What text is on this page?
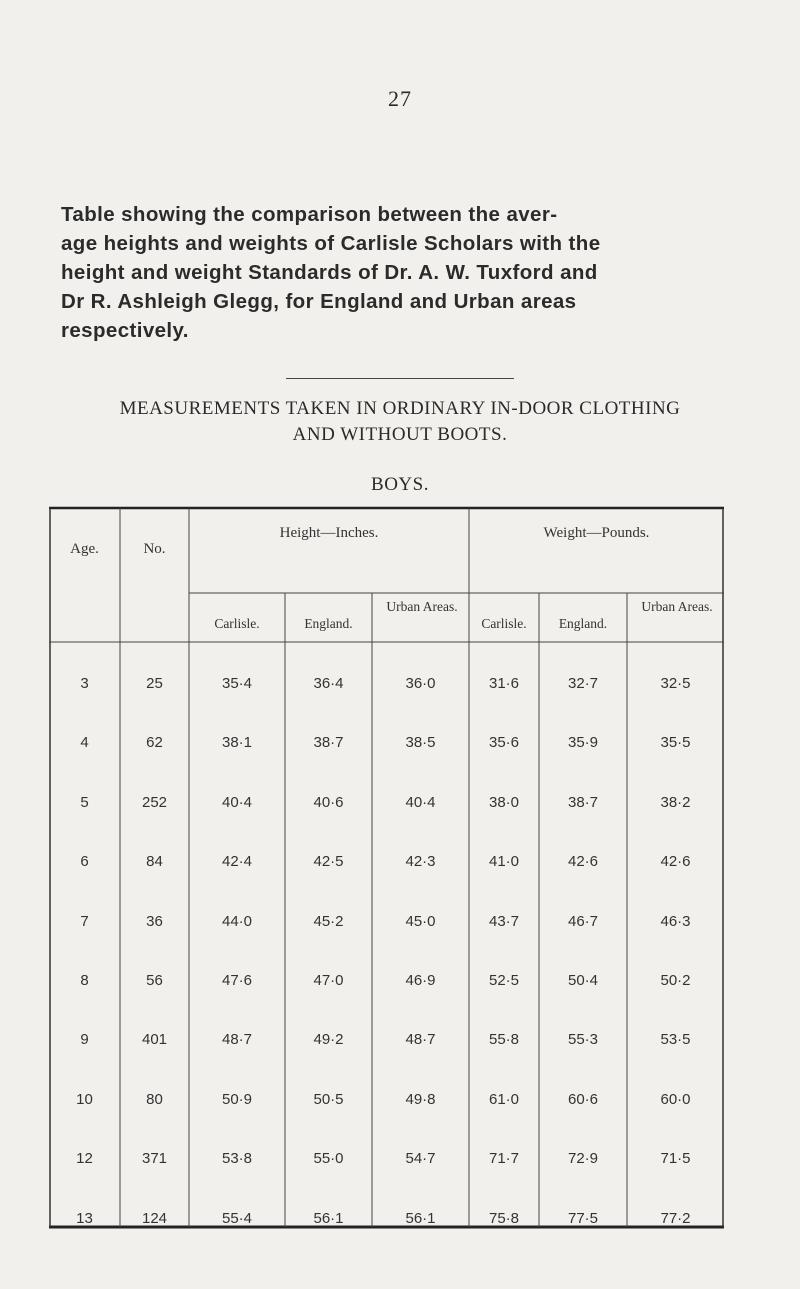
27
Table showing the comparison between the aver-
age heights and weights of Carlisle Scholars with the
height and weight Standards of Dr. A. W. Tuxford and
Dr R. Ashleigh Glegg, for England and Urban areas
respectively.
MEASUREMENTS TAKEN IN ORDINARY IN-DOOR CLOTHING
AND WITHOUT BOOTS.
BOYS.
Age.	No.
Height—Inches.	Weight—Pounds.
Carlisle.	England.
Urban Areas.
Carlisle.	England.
Urban Areas.
3	25	35·4	36·4	36·0	31·6	32·7	32·5
4	62	38·1	38·7	38·5	35·6	35·9	35·5
5	252	40·4	40·6	40·4	38·0	38·7	38·2
6	84	42·4	42·5	42·3	41·0	42·6	42·6
7	36	44·0	45·2	45·0	43·7	46·7	46·3
8	56	47·6	47·0	46·9	52·5	50·4	50·2
9	401	48·7	49·2	48·7	55·8	55·3	53·5
10	80	50·9	50·5	49·8	61·0	60·6	60·0
12	371	53·8	55·0	54·7	71·7	72·9	71·5
13	124	55·4	56·1	56·1	75·8	77·5	77·2
